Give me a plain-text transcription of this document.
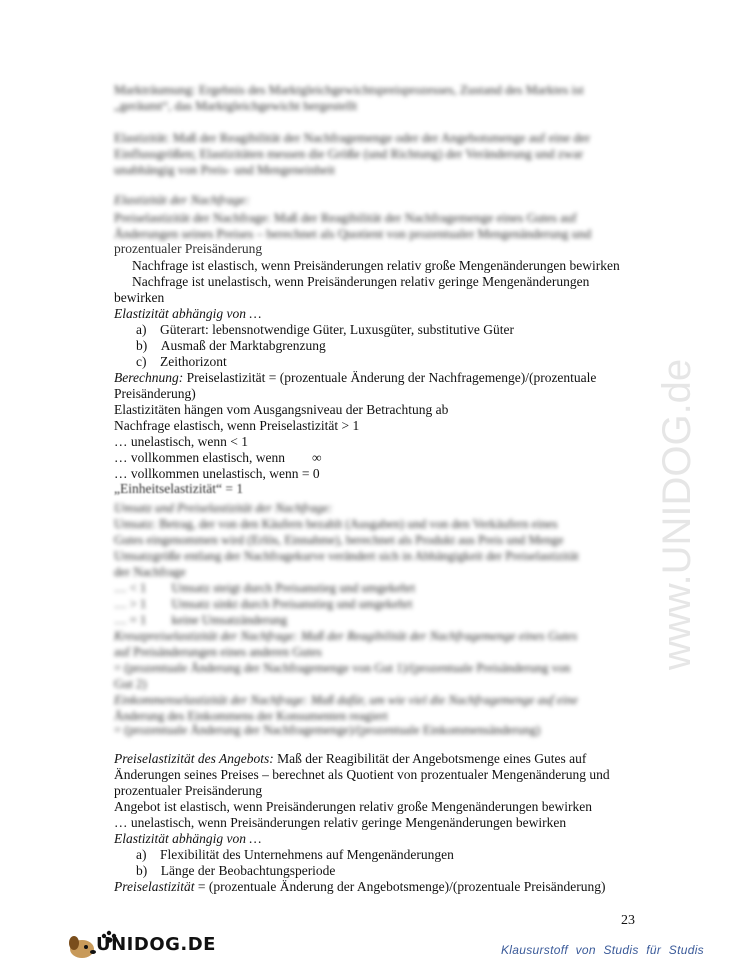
Markträumung: Ergebnis des Marktgleichgewichtspreisprozesses, Zustand des Marktes ist „geräumt“, das Marktgleichgewicht hergestellt
Elastizität: Maß der Reagibilität der Nachfragemenge oder der Angebotsmenge auf eine der Einflussgrößen; Elastizitäten messen die Größe (und Richtung) der Veränderung und zwar unabhängig von Preis- und Mengeneinheit
Elastizität der Nachfrage:
Preiselastizität der Nachfrage: Maß der Reagibilität der Nachfragemenge eines Gutes auf Änderungen seines Preises – berechnet als Quotient von prozentualer Mengenänderung und
prozentualer Preisänderung
Nachfrage ist elastisch, wenn Preisänderungen relativ große Mengenänderungen bewirken
Nachfrage ist unelastisch, wenn Preisänderungen relativ geringe Mengenänderungen
bewirken
Elastizität abhängig von …
a) Güterart: lebensnotwendige Güter, Luxusgüter, substitutive Güter
b) Ausmaß der Marktabgrenzung
c) Zeithorizont
Berechnung: Preiselastizität = (prozentuale Änderung der Nachfragemenge)/(prozentuale
Preisänderung)
Elastizitäten hängen vom Ausgangsniveau der Betrachtung ab
Nachfrage elastisch, wenn Preiselastizität > 1
… unelastisch, wenn < 1
… vollkommen elastisch, wenn  ∞
… vollkommen unelastisch, wenn = 0
„Einheitselastizität“ = 1
Umsatz und Preiselastizität der Nachfrage:
Umsatz: Betrag, der von den Käufern bezahlt (Ausgaben) und von den Verkäufern eines
Gutes eingenommen wird (Erlös, Einnahme), berechnet als Produkt aus Preis und Menge
Umsatzgröße entlang der Nachfragekurve verändert sich in Abhängigkeit der Preiselastizität
der Nachfrage
… < 1  Umsatz steigt durch Preisanstieg und umgekehrt
… > 1  Umsatz sinkt durch Preisanstieg und umgekehrt
… = 1  keine Umsatzänderung
Kreuzpreiselastizität der Nachfrage: Maß der Reagibilität der Nachfragemenge eines Gutes
auf Preisänderungen eines anderen Gutes
= (prozentuale Änderung der Nachfragemenge von Gut 1)/(prozentuale Preisänderung von
Gut 2)
Einkommenselastizität der Nachfrage: Maß dafür, um wie viel die Nachfragemenge auf eine
Änderung des Einkommens der Konsumenten reagiert
= (prozentuale Änderung der Nachfragemenge)/(prozentuale Einkommensänderung)
Preiselastizität des Angebots: Maß der Reagibilität der Angebotsmenge eines Gutes auf
Änderungen seines Preises – berechnet als Quotient von prozentualer Mengenänderung und
prozentualer Preisänderung
Angebot ist elastisch, wenn Preisänderungen relativ große Mengenänderungen bewirken
… unelastisch, wenn Preisänderungen relativ geringe Mengenänderungen bewirken
Elastizität abhängig von …
a) Flexibilität des Unternehmens auf Mengenänderungen
b) Länge der Beobachtungsperiode
Preiselastizität = (prozentuale Änderung der Angebotsmenge)/(prozentuale Preisänderung)
www.UNIDOG.de
23
UNIDOG.DE	Klausurstoff von Studis für Studis
